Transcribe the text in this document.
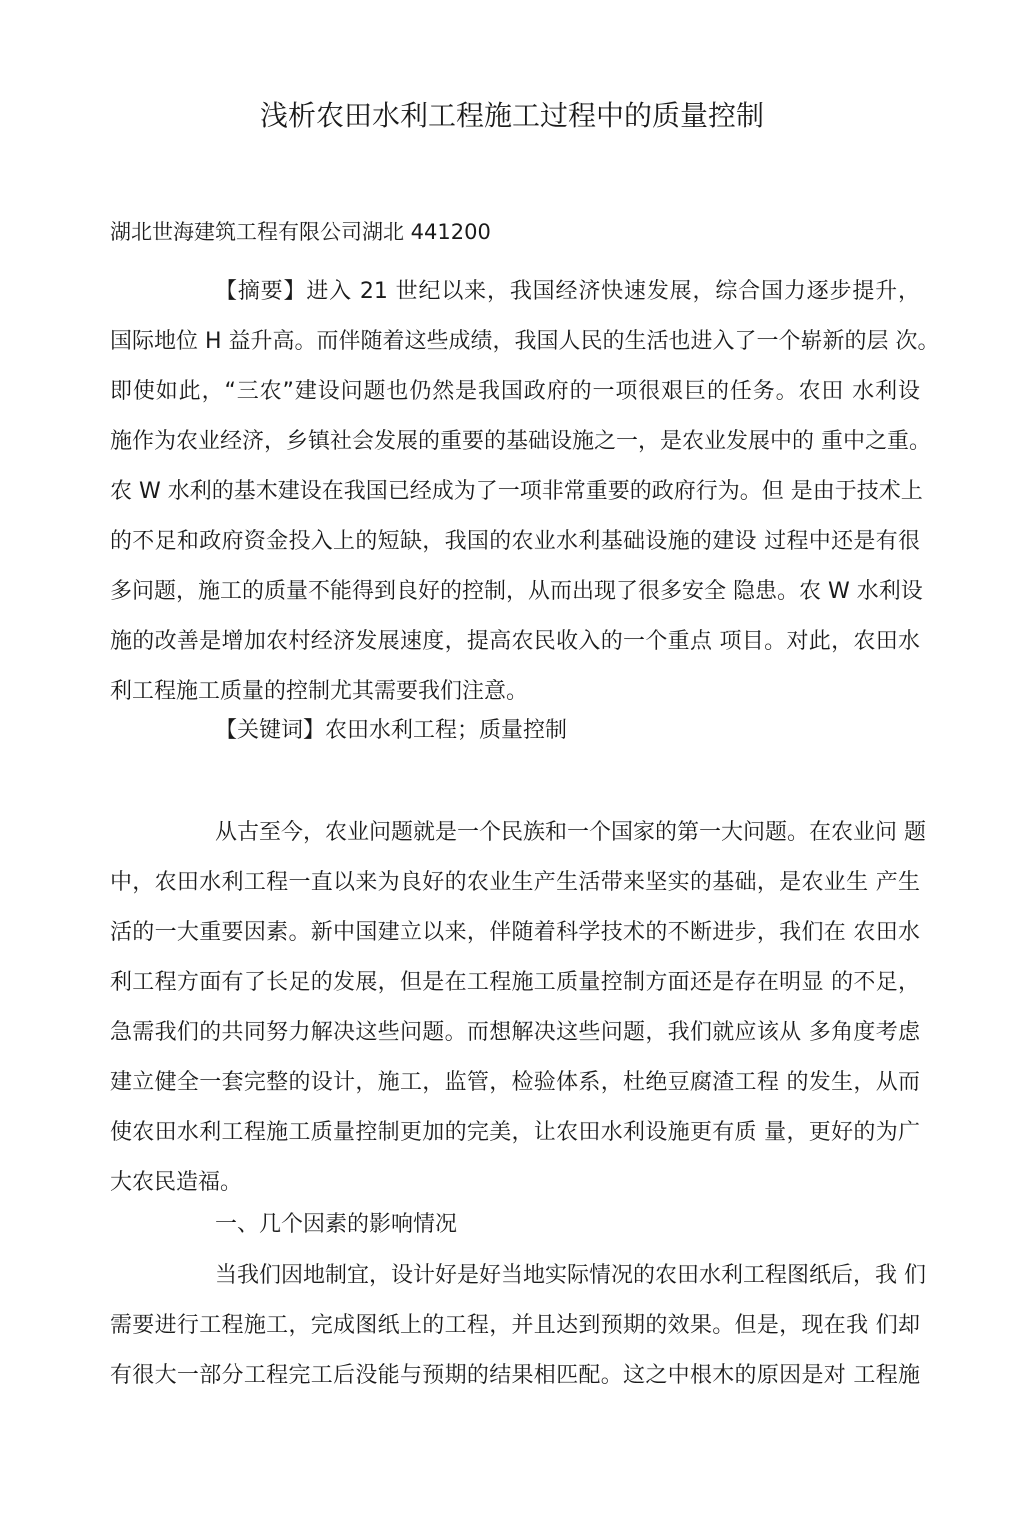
浅析农田水利工程施工过程中的质量控制

湖北世海建筑工程有限公司湖北 441200

【摘要】进入 21 世纪以来，我国经济快速发展，综合国力逐步提升，
国际地位 H 益升高。而伴随着这些成绩，我国人民的生活也进入了一个崭新的层 次。
即使如此，“三农”建设问题也仍然是我国政府的一项很艰巨的任务。农田 水利设
施作为农业经济，乡镇社会发展的重要的基础设施之一，是农业发展中的 重中之重。
农 W 水利的基木建设在我国已经成为了一项非常重要的政府行为。但 是由于技术上
的不足和政府资金投入上的短缺，我国的农业水利基础设施的建设 过程中还是有很
多问题，施工的质量不能得到良好的控制，从而出现了很多安全 隐患。农 W 水利设
施的改善是增加农村经济发展速度，提高农民收入的一个重点 项目。对此，农田水
利工程施工质量的控制尤其需要我们注意。
【关键词】农田水利工程；质量控制
从古至今，农业问题就是一个民族和一个国家的第一大问题。在农业问 题
中，农田水利工程一直以来为良好的农业生产生活带来坚实的基础，是农业生 产生
活的一大重要因素。新中国建立以来，伴随着科学技术的不断进步，我们在 农田水
利工程方面有了长足的发展，但是在工程施工质量控制方面还是存在明显 的不足，
急需我们的共同努力解决这些问题。而想解决这些问题，我们就应该从 多角度考虑
建立健全一套完整的设计，施工，监管，检验体系，杜绝豆腐渣工程 的发生，从而
使农田水利工程施工质量控制更加的完美，让农田水利设施更有质 量，更好的为广
大农民造福。
一、几个因素的影响情况
当我们因地制宜，设计好是好当地实际情况的农田水利工程图纸后，我 们
需要进行工程施工，完成图纸上的工程，并且达到预期的效果。但是，现在我 们却
有很大一部分工程完工后没能与预期的结果相匹配。这之中根木的原因是对 工程施
